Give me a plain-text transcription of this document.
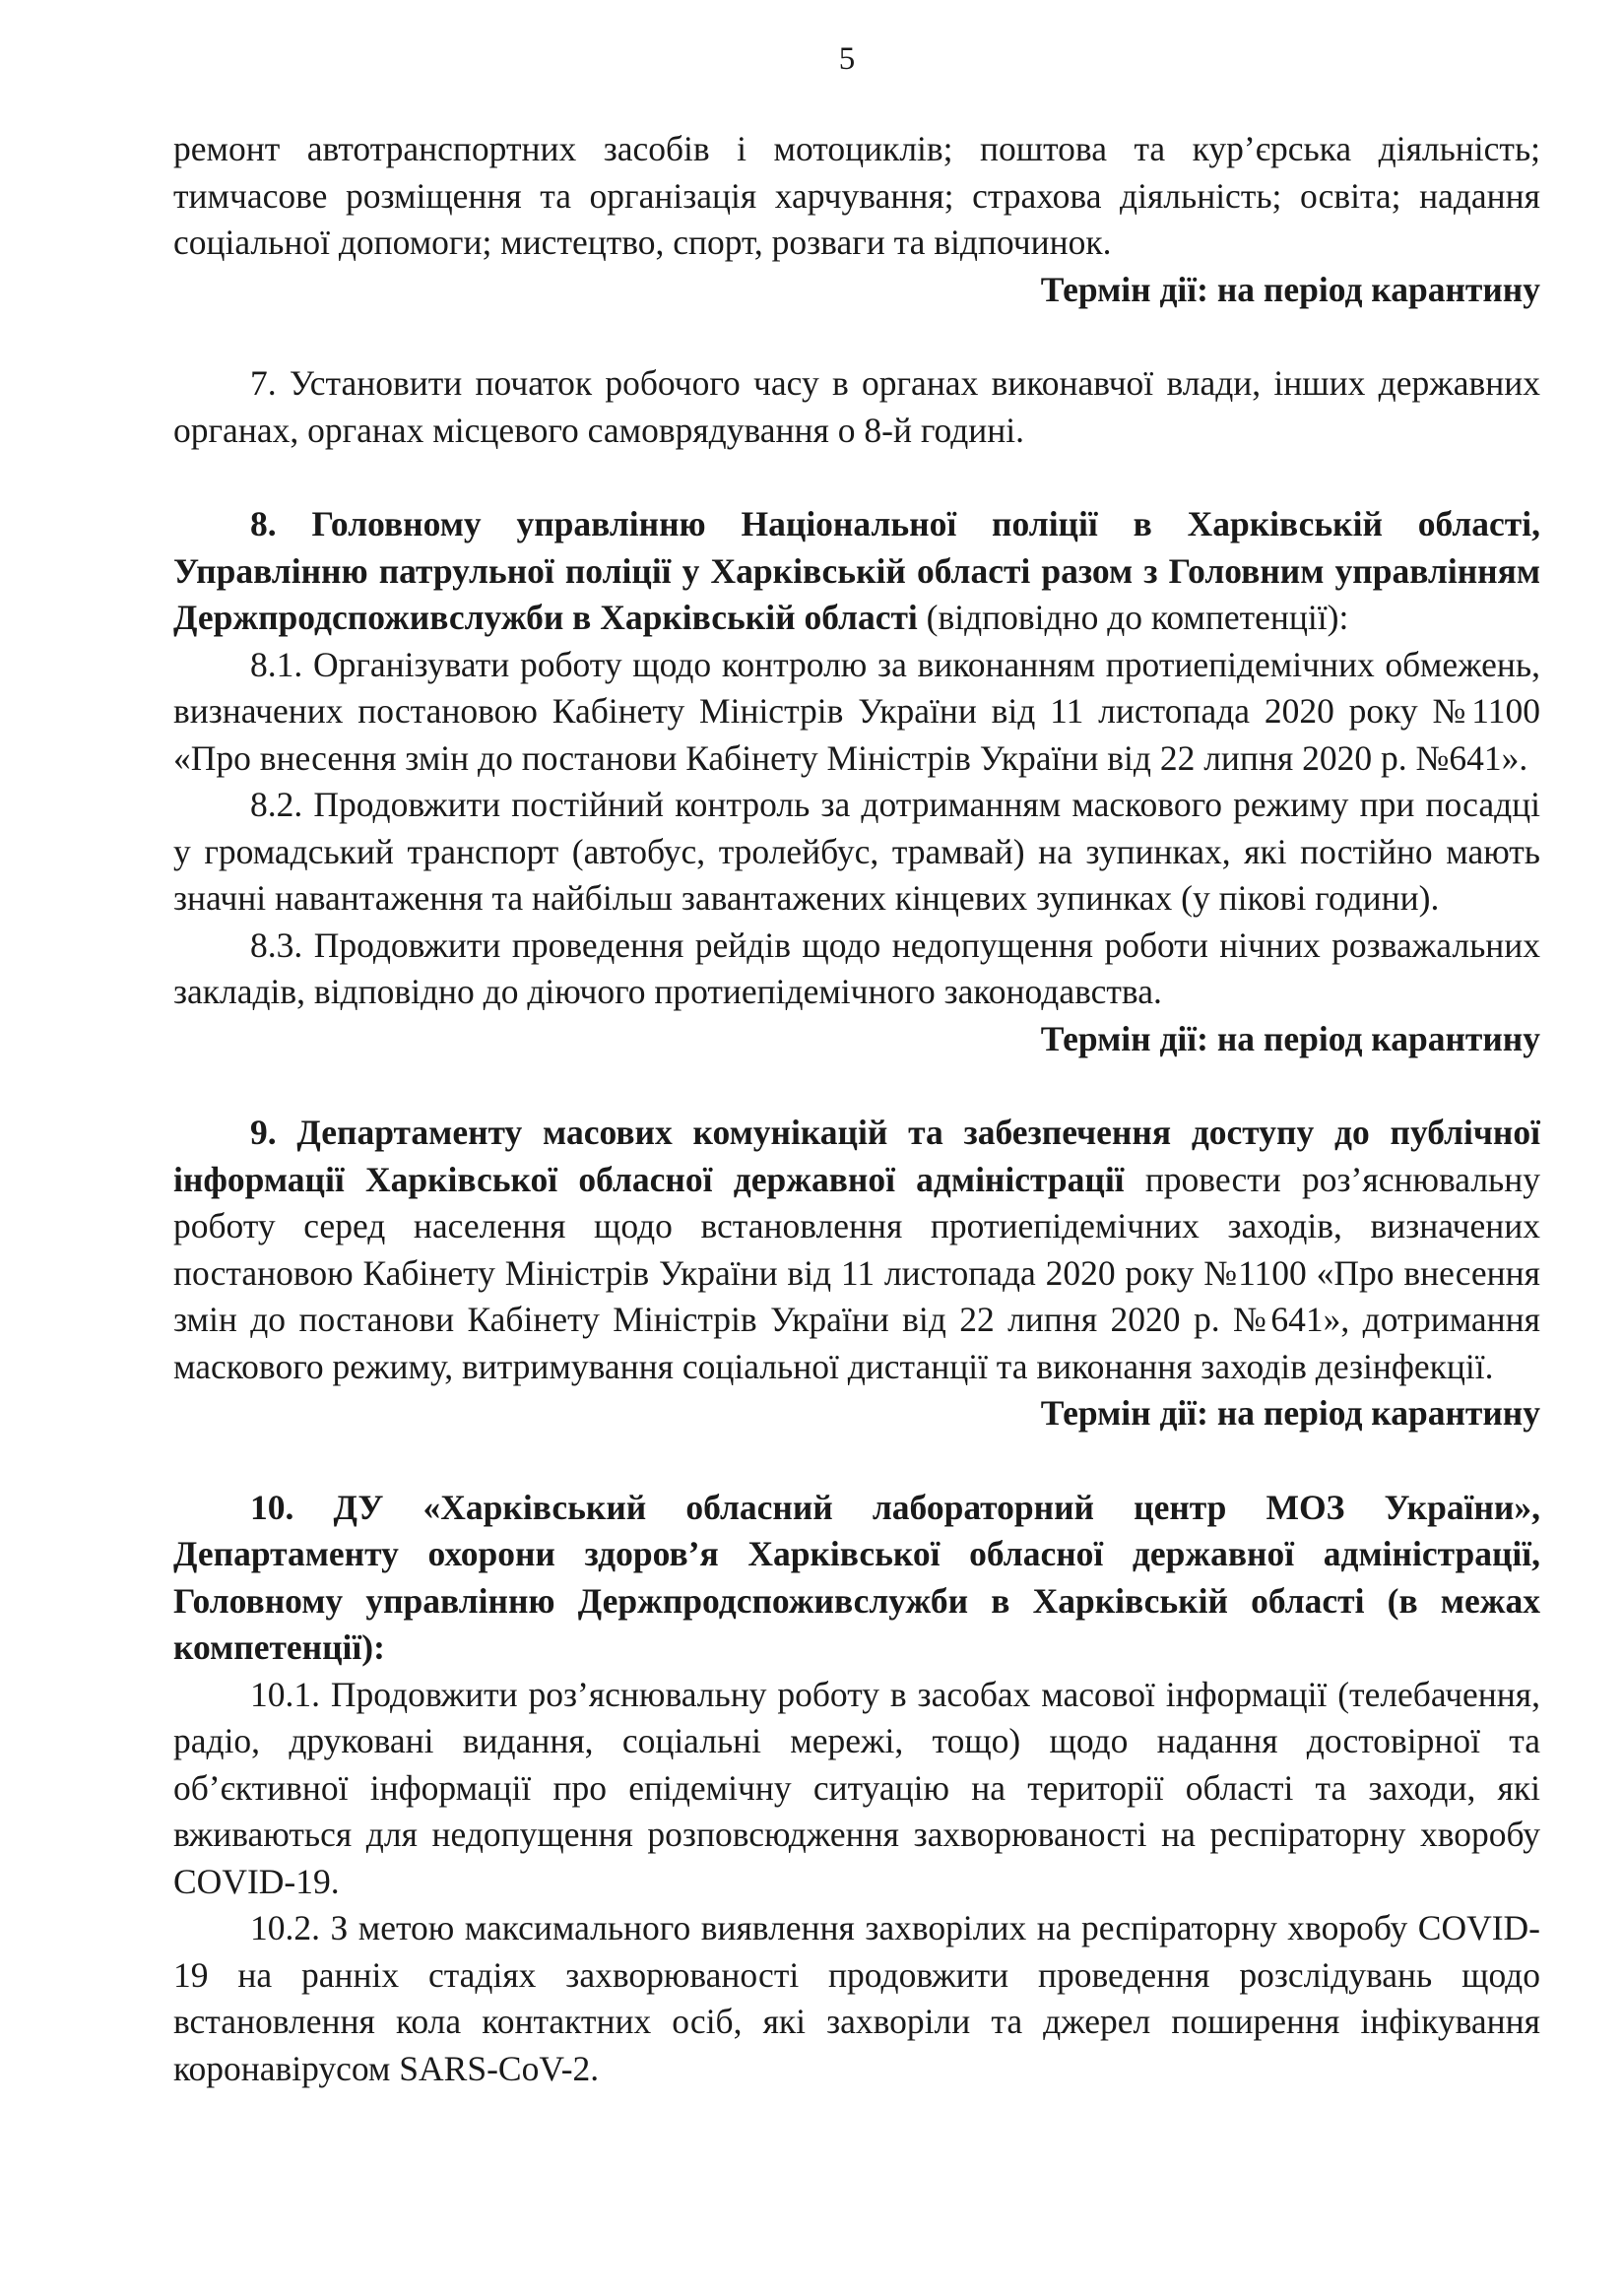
5

ремонт автотранспортних засобів і мотоциклів; поштова та кур’єрська діяльність; тимчасове розміщення та організація харчування; страхова діяльність; освіта; надання соціальної допомоги; мистецтво, спорт, розваги та відпочинок.

Термін дії: на період карантину

7. Установити початок робочого часу в органах виконавчої влади, інших державних органах, органах місцевого самоврядування о 8-й годині.

8. Головному управлінню Національної поліції в Харківській області, Управлінню патрульної поліції у Харківській області разом з Головним управлінням Держпродспоживслужби в Харківській області (відповідно до компетенції):

8.1. Організувати роботу щодо контролю за виконанням протиепідемічних обмежень, визначених постановою Кабінету Міністрів України від 11 листопада 2020 року №1100 «Про внесення змін до постанови Кабінету Міністрів України від 22 липня 2020 р. №641».

8.2. Продовжити постійний контроль за дотриманням маскового режиму при посадці у громадський транспорт (автобус, тролейбус, трамвай) на зупинках, які постійно мають значні навантаження та найбільш завантажених кінцевих зупинках (у пікові години).

8.3. Продовжити проведення рейдів щодо недопущення роботи нічних розважальних закладів, відповідно до діючого протиепідемічного законодавства.

Термін дії: на період карантину

9. Департаменту масових комунікацій та забезпечення доступу до публічної інформації Харківської обласної державної адміністрації провести роз’яснювальну роботу серед населення щодо встановлення протиепідемічних заходів, визначених постановою Кабінету Міністрів України від 11 листопада 2020 року №1100 «Про внесення змін до постанови Кабінету Міністрів України від 22 липня 2020 р. №641», дотримання маскового режиму, витримування соціальної дистанції та виконання заходів дезінфекції.

Термін дії: на період карантину

10. ДУ «Харківський обласний лабораторний центр МОЗ України», Департаменту охорони здоров’я Харківської обласної державної адміністрації, Головному управлінню Держпродспоживслужби в Харківській області (в межах компетенції):

10.1. Продовжити роз’яснювальну роботу в засобах масової інформації (телебачення, радіо, друковані видання, соціальні мережі, тощо) щодо надання достовірної та об’єктивної інформації про епідемічну ситуацію на території області та заходи, які вживаються для недопущення розповсюдження захворюваності на респіраторну хворобу COVID-19.

10.2. З метою максимального виявлення захворілих на респіраторну хворобу COVID-19 на ранніх стадіях захворюваності продовжити проведення розслідувань щодо встановлення кола контактних осіб, які захворіли та джерел поширення інфікування коронавірусом SARS-CoV-2.
